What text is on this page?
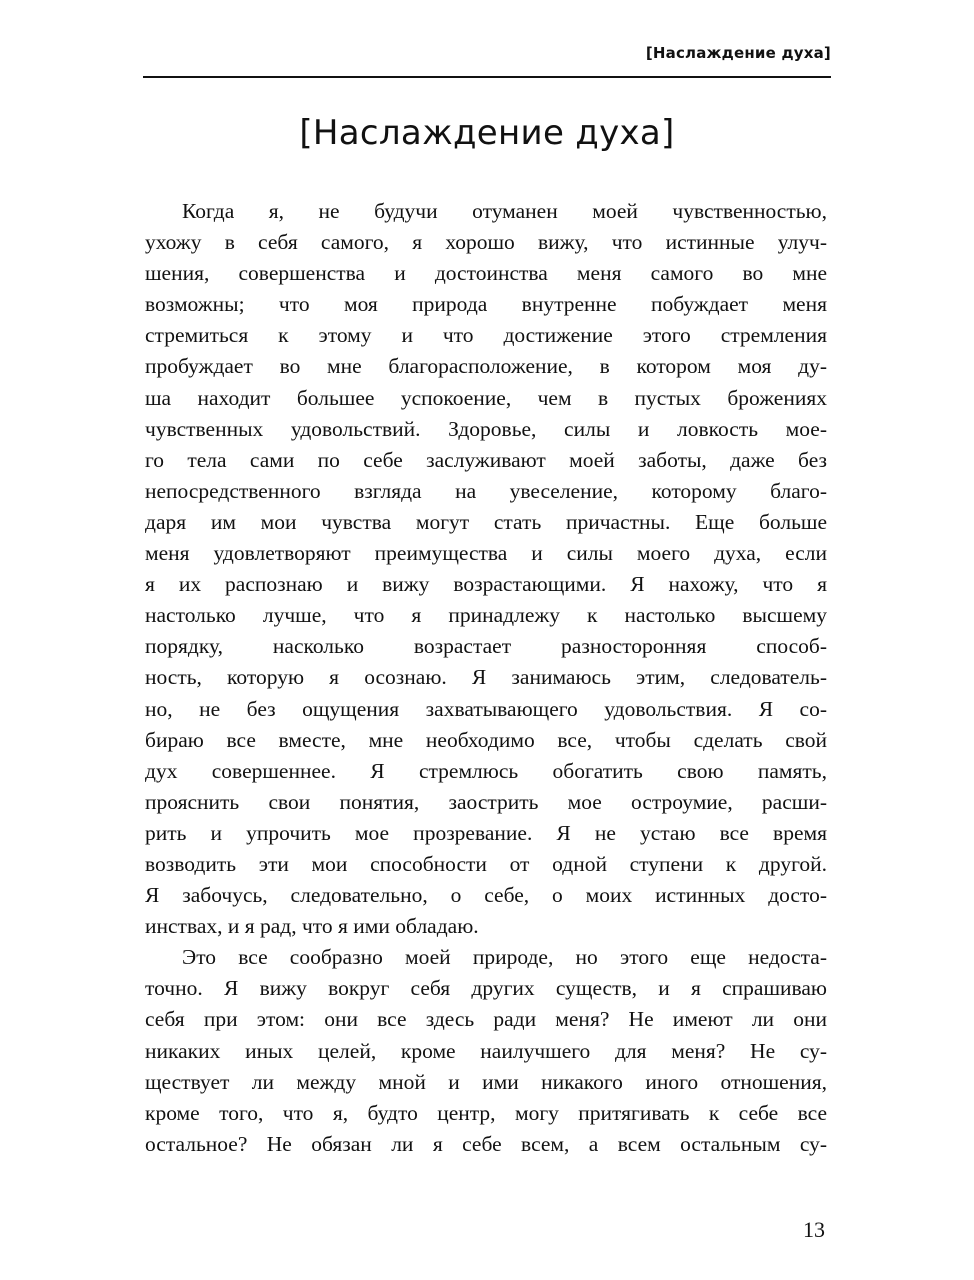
[Наслаждение духа]
[Наслаждение духа]

Когда я, не будучи отуманен моей чувственностью,
ухожу в себя самого, я хорошо вижу, что истинные улуч-
шения, совершенства и достоинства меня самого во мне
возможны; что моя природа внутренне побуждает меня
стремиться к этому и что достижение этого стремления
пробуждает во мне благорасположение, в котором моя ду-
ша находит большее успокоение, чем в пустых брожениях
чувственных удовольствий. Здоровье, силы и ловкость мое-
го тела сами по себе заслуживают моей заботы, даже без
непосредственного взгляда на увеселение, которому благо-
даря им мои чувства могут стать причастны. Еще больше
меня удовлетворяют преимущества и силы моего духа, если
я их распознаю и вижу возрастающими. Я нахожу, что я
настолько лучше, что я принадлежу к настолько высшему
порядку, насколько возрастает разносторонняя способ-
ность, которую я осознаю. Я занимаюсь этим, следователь-
но, не без ощущения захватывающего удовольствия. Я со-
бираю все вместе, мне необходимо все, чтобы сделать свой
дух совершеннее. Я стремлюсь обогатить свою память,
прояснить свои понятия, заострить мое остроумие, расши-
рить и упрочить мое прозревание. Я не устаю все время
возводить эти мои способности от одной ступени к другой.
Я забочусь, следовательно, о себе, о моих истинных досто-
инствах, и я рад, что я ими обладаю.

Это все сообразно моей природе, но этого еще недоста-
точно. Я вижу вокруг себя других существ, и я спрашиваю
себя при этом: они все здесь ради меня? Не имеют ли они
никаких иных целей, кроме наилучшего для меня? Не су-
ществует ли между мной и ими никакого иного отношения,
кроме того, что я, будто центр, могу притягивать к себе все
остальное? Не обязан ли я себе всем, а всем остальным су-

13
